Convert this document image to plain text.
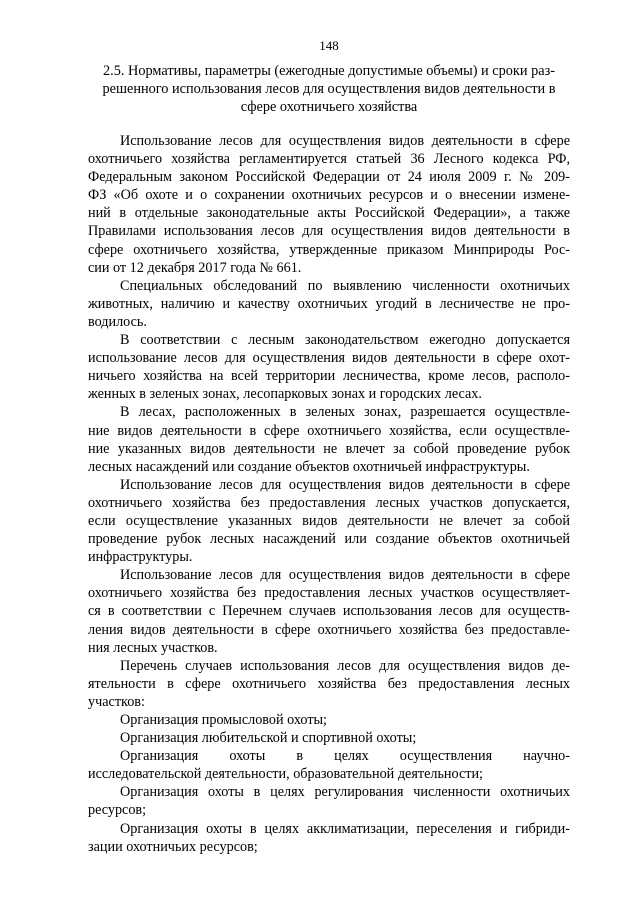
148
2.5. Нормативы, параметры (ежегодные допустимые объемы) и сроки раз-
решенного использования лесов для осуществления видов деятельности в
сфере охотничьего хозяйства

Использование лесов для осуществления видов деятельности в сфере
охотничьего хозяйства регламентируется статьей 36 Лесного кодекса РФ,
Федеральным законом Российской Федерации от 24 июля 2009 г. № 209-
ФЗ «Об охоте и о сохранении охотничьих ресурсов и о внесении измене-
ний в отдельные законодательные акты Российской Федерации», а также
Правилами использования лесов для осуществления видов деятельности в
сфере охотничьего хозяйства, утвержденные приказом Минприроды Рос-
сии от 12 декабря 2017 года № 661.

Специальных обследований по выявлению численности охотничьих
животных, наличию и качеству охотничьих угодий в лесничестве не про-
водилось.

В соответствии с лесным законодательством ежегодно допускается
использование лесов для осуществления видов деятельности в сфере охот-
ничьего хозяйства на всей территории лесничества, кроме лесов, располо-
женных в зеленых зонах, лесопарковых зонах и городских лесах.

В лесах, расположенных в зеленых зонах, разрешается осуществле-
ние видов деятельности в сфере охотничьего хозяйства, если осуществле-
ние указанных видов деятельности не влечет за собой проведение рубок
лесных насаждений или создание объектов охотничьей инфраструктуры.

Использование лесов для осуществления видов деятельности в сфере
охотничьего хозяйства без предоставления лесных участков допускается,
если осуществление указанных видов деятельности не влечет за собой
проведение рубок лесных насаждений или создание объектов охотничьей
инфраструктуры.

Использование лесов для осуществления видов деятельности в сфере
охотничьего хозяйства без предоставления лесных участков осуществляет-
ся в соответствии с Перечнем случаев использования лесов для осуществ-
ления видов деятельности в сфере охотничьего хозяйства без предоставле-
ния лесных участков.

Перечень случаев использования лесов для осуществления видов де-
ятельности в сфере охотничьего хозяйства без предоставления лесных
участков:

Организация промысловой охоты;

Организация любительской и спортивной охоты;

Организация охоты в целях осуществления научно-
исследовательской деятельности, образовательной деятельности;

Организация охоты в целях регулирования численности охотничьих
ресурсов;

Организация охоты в целях акклиматизации, переселения и гибриди-
зации охотничьих ресурсов;
